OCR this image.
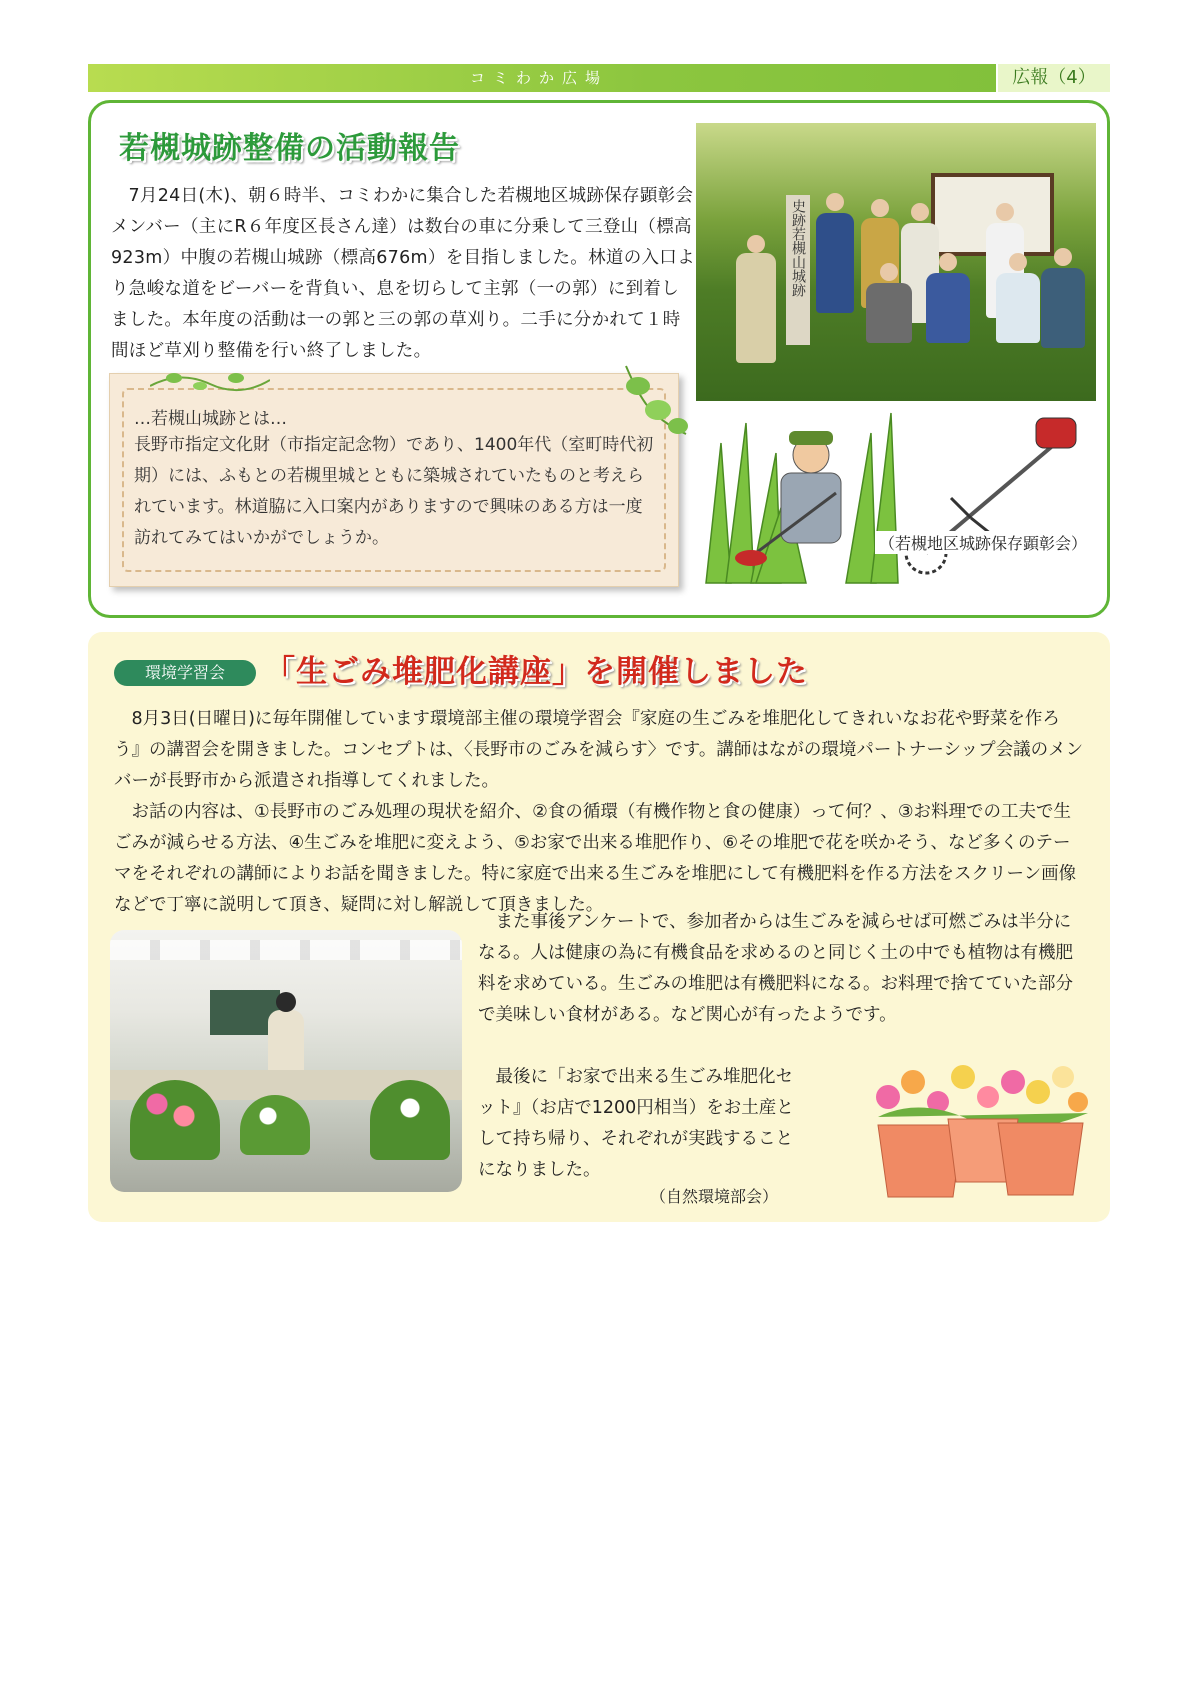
コミわか広場	広報（4）
若槻城跡整備の活動報告
7月24日(木)、朝６時半、コミわかに集合した若槻地区城跡保存顕彰会メンバー（主にR６年度区長さん達）は数台の車に分乗して三登山（標高923m）中腹の若槻山城跡（標高676m）を目指しました。林道の入口より急峻な道をビーバーを背負い、息を切らして主郭（一の郭）に到着しました。本年度の活動は一の郭と三の郭の草刈り。二手に分かれて１時間ほど草刈り整備を行い終了しました。
…若槻山城跡とは…
長野市指定文化財（市指定記念物）であり、1400年代（室町時代初期）には、ふもとの若槻里城とともに築城されていたものと考えられています。林道脇に入口案内がありますので興味のある方は一度訪れてみてはいかがでしょうか。
史跡若槻山城跡
（若槻地区城跡保存顕彰会）
環境学習会	「生ごみ堆肥化講座」を開催しました

8月3日(日曜日)に毎年開催しています環境部主催の環境学習会『家庭の生ごみを堆肥化してきれいなお花や野菜を作ろう』の講習会を開きました。コンセプトは、〈長野市のごみを減らす〉です。講師はながの環境パートナーシップ会議のメンバーが長野市から派遣され指導してくれました。

お話の内容は、①長野市のごみ処理の現状を紹介、②食の循環（有機作物と食の健康）って何？、③お料理での工夫で生ごみが減らせる方法、④生ごみを堆肥に変えよう、⑤お家で出来る堆肥作り、⑥その堆肥で花を咲かそう、など多くのテーマをそれぞれの講師によりお話を聞きました。特に家庭で出来る生ごみを堆肥にして有機肥料を作る方法をスクリーン画像などで丁寧に説明して頂き、疑問に対し解説して頂きました。

また事後アンケートで、参加者からは生ごみを減らせば可燃ごみは半分になる。人は健康の為に有機食品を求めるのと同じく土の中でも植物は有機肥料を求めている。生ごみの堆肥は有機肥料になる。お料理で捨てていた部分で美味しい食材がある。など関心が有ったようです。

最後に「お家で出来る生ごみ堆肥化セット』（お店で1200円相当）をお土産として持ち帰り、それぞれが実践することになりました。

（自然環境部会）
